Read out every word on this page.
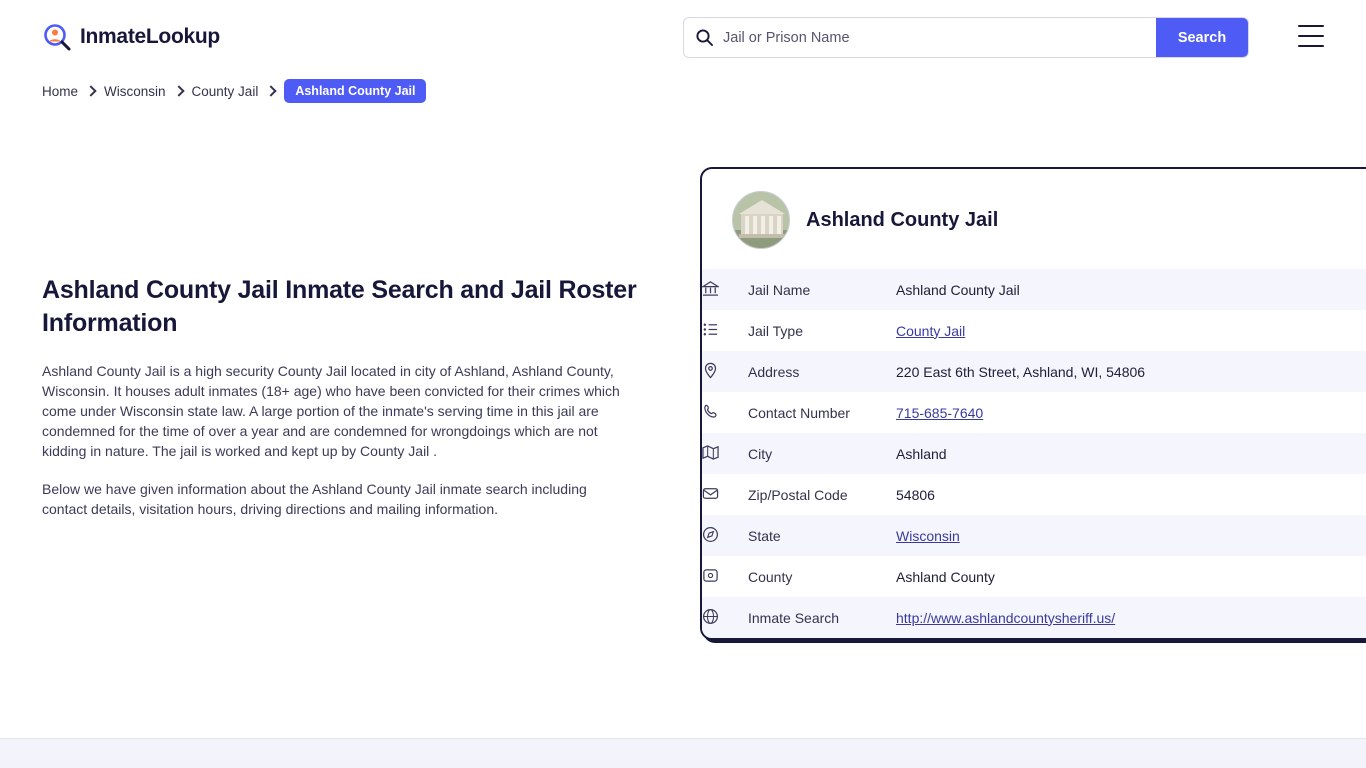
InmateLookup
Jail or Prison Name	Search
Home Wisconsin County Jail	Ashland County Jail
Ashland County Jail Inmate Search and Jail Roster Information

Ashland County Jail is a high security County Jail located in city of Ashland, Ashland County, Wisconsin. It houses adult inmates (18+ age) who have been convicted for their crimes which come under Wisconsin state law. A large portion of the inmate's serving time in this jail are condemned for the time of over a year and are condemned for wrongdoings which are not kidding in nature. The jail is worked and kept up by County Jail .

Below we have given information about the Ashland County Jail inmate search including contact details, visitation hours, driving directions and mailing information.

Ashland County Jail
	Jail Name	Ashland County Jail
	Jail Type	County Jail
	Address	220 East 6th Street, Ashland, WI, 54806
	Contact Number	715-685-7640
	City	Ashland
	Zip/Postal Code	54806
	State	Wisconsin
	County	Ashland County
	Inmate Search	http://www.ashlandcountysheriff.us/
